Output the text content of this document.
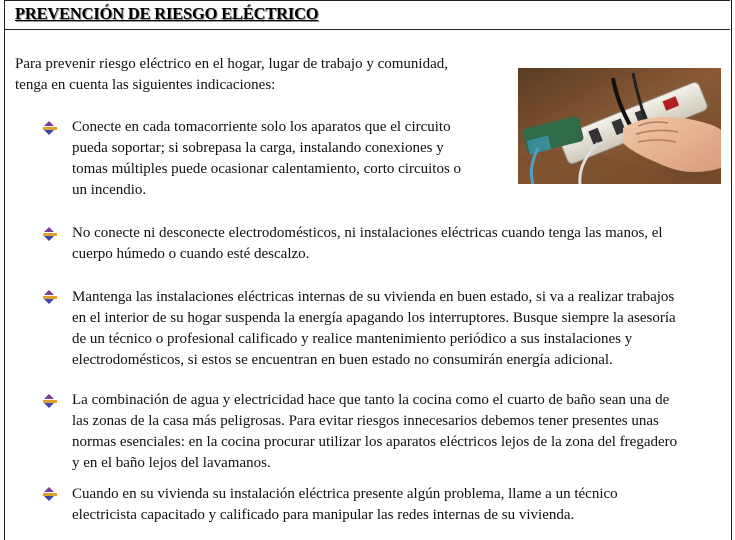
PREVENCIÓN DE RIESGO ELÉCTRICO
Para prevenir riesgo eléctrico en el hogar, lugar de trabajo y comunidad,
tenga en cuenta las siguientes indicaciones:
Conecte en cada tomacorriente solo los aparatos que el circuito
pueda soportar; si sobrepasa la carga, instalando conexiones y
tomas múltiples puede ocasionar calentamiento, corto circuitos o
un incendio.
No conecte ni desconecte electrodomésticos, ni instalaciones eléctricas cuando tenga las manos, el
cuerpo húmedo o cuando esté descalzo.
Mantenga las instalaciones eléctricas internas de su vivienda en buen estado, si va a realizar trabajos
en el interior de su hogar suspenda la energía apagando los interruptores. Busque siempre la asesoría
de un técnico o profesional calificado y realice mantenimiento periódico a sus instalaciones y
electrodomésticos, si estos se encuentran en buen estado no consumirán energía adicional.
La combinación de agua y electricidad hace que tanto la cocina como el cuarto de baño sean una de
las zonas de la casa más peligrosas. Para evitar riesgos innecesarios debemos tener presentes unas
normas esenciales: en la cocina procurar utilizar los aparatos eléctricos lejos de la zona del fregadero
y en el baño lejos del lavamanos.
Cuando en su vivienda su instalación eléctrica presente algún problema, llame a un técnico
electricista capacitado y calificado para manipular las redes internas de su vivienda.
